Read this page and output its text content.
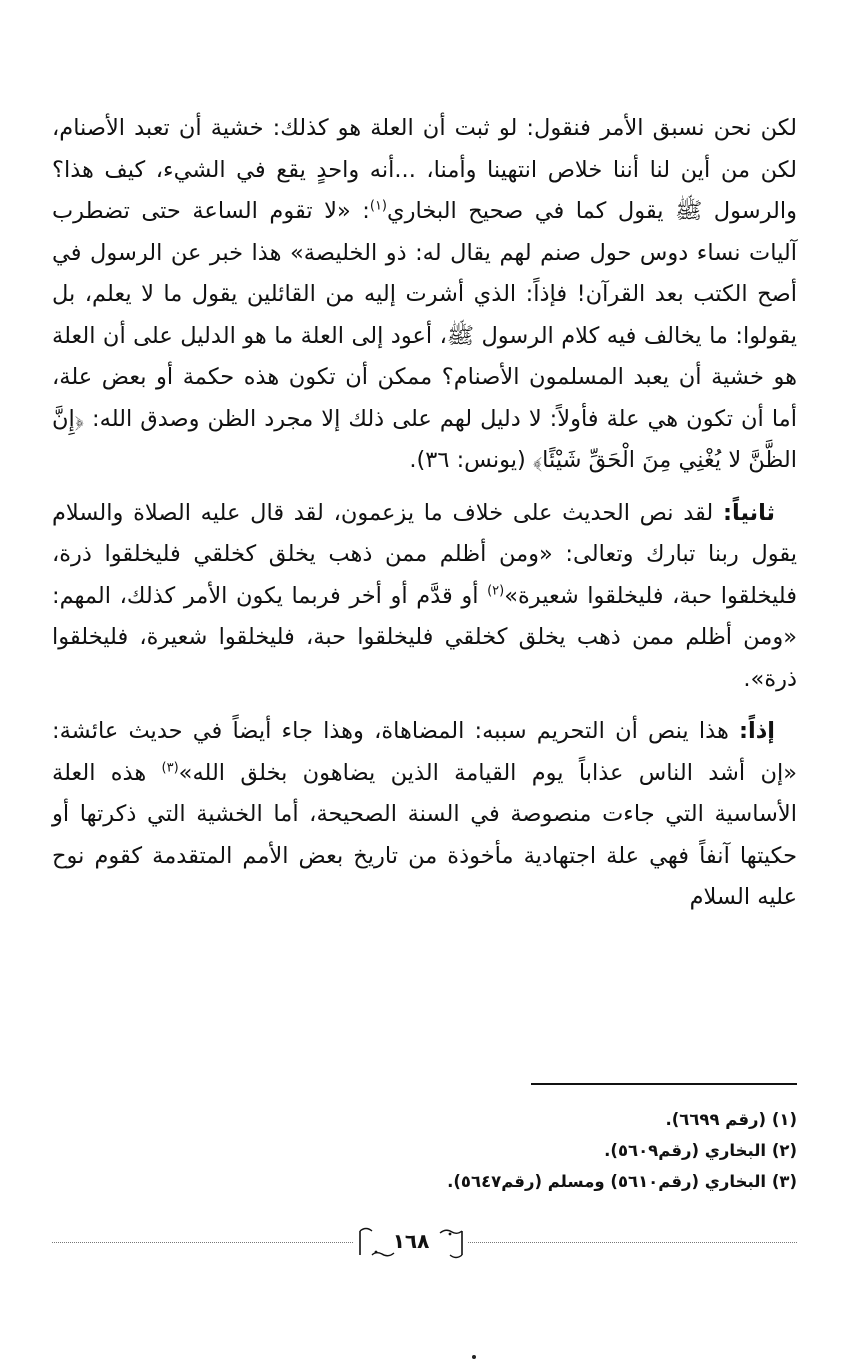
لكن نحن نسبق الأمر فنقول: لو ثبت أن العلة هو كذلك: خشية أن تعبد الأصنام، لكن من أين لنا أننا خلاص انتهينا وأمنا، ...أنه واحدٍ يقع في الشيء، كيف هذا؟ والرسول ﷺ يقول كما في صحيح البخاري$^{(١)}$: «لا تقوم الساعة حتى تضطرب آليات نساء دوس حول صنم لهم يقال له: ذو الخليصة» هذا خبر عن الرسول في أصح الكتب بعد القرآن! فإذاً: الذي أشرت إليه من القائلين يقول ما لا يعلم، بل يقولوا: ما يخالف فيه كلام الرسول ﷺ، أعود إلى العلة ما هو الدليل على أن العلة هو خشية أن يعبد المسلمون الأصنام؟ ممكن أن تكون هذه حكمة أو بعض علة، أما أن تكون هي علة فأولاً: لا دليل لهم على ذلك إلا مجرد الظن وصدق الله: ﴿إِنَّ الظَّنَّ لا يُغْنِي مِنَ الْحَقِّ شَيْئًا﴾ (يونس: ٣٦).

ثانياً: لقد نص الحديث على خلاف ما يزعمون، لقد قال عليه الصلاة والسلام يقول ربنا تبارك وتعالى: «ومن أظلم ممن ذهب يخلق كخلقي فليخلقوا ذرة، فليخلقوا حبة، فليخلقوا شعيرة»$^{(٢)}$ أو قدَّم أو أخر فربما يكون الأمر كذلك، المهم: «ومن أظلم ممن ذهب يخلق كخلقي فليخلقوا حبة، فليخلقوا شعيرة، فليخلقوا ذرة».

إذاً: هذا ينص أن التحريم سببه: المضاهاة، وهذا جاء أيضاً في حديث عائشة: «إن أشد الناس عذاباً يوم القيامة الذين يضاهون بخلق الله»$^{(٣)}$ هذه العلة الأساسية التي جاءت منصوصة في السنة الصحيحة، أما الخشية التي ذكرتها أو حكيتها آنفاً فهي علة اجتهادية مأخوذة من تاريخ بعض الأمم المتقدمة كقوم نوح عليه السلام

(١) (رقم ٦٦٩٩).

(٢) البخاري (رقم٥٦٠٩).

(٣) البخاري (رقم٥٦١٠) ومسلم (رقم٥٦٤٧).

١٦٨
